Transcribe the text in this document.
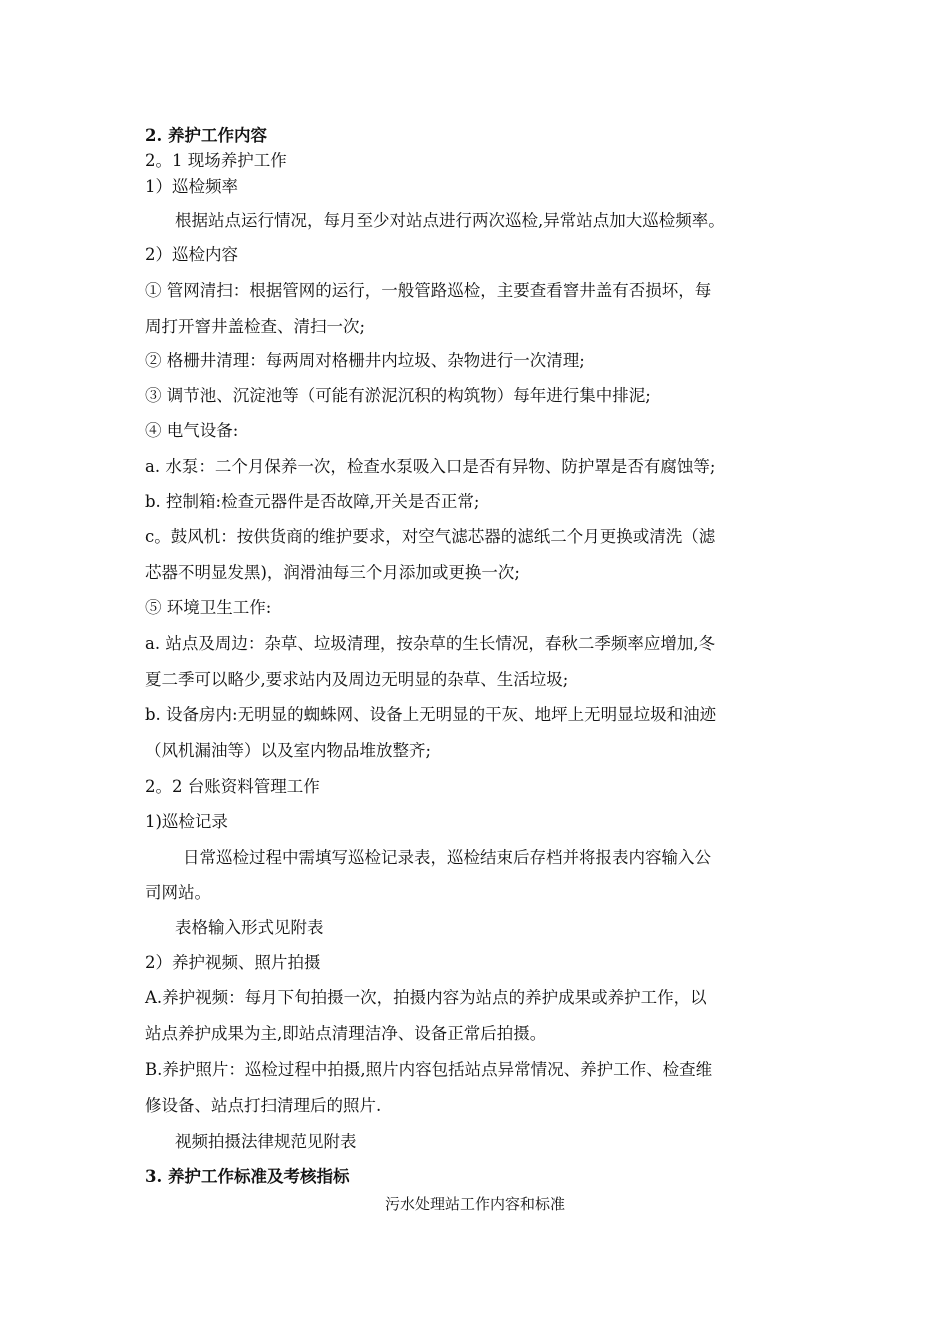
2. 养护工作内容
2。1 现场养护工作
1）巡检频率
根据站点运行情况，每月至少对站点进行两次巡检,异常站点加大巡检频率。
2）巡检内容
① 管网清扫：根据管网的运行，一般管路巡检，主要查看窨井盖有否损坏，每
周打开窨井盖检查、清扫一次;
② 格栅井清理：每两周对格栅井内垃圾、杂物进行一次清理;
③ 调节池、沉淀池等（可能有淤泥沉积的构筑物）每年进行集中排泥;
④ 电气设备:
a. 水泵：二个月保养一次，检查水泵吸入口是否有异物、防护罩是否有腐蚀等;
b. 控制箱:检查元器件是否故障,开关是否正常;
c。鼓风机：按供货商的维护要求，对空气滤芯器的滤纸二个月更换或清洗（滤
芯器不明显发黑)，润滑油每三个月添加或更换一次;
⑤ 环境卫生工作:
a. 站点及周边：杂草、垃圾清理，按杂草的生长情况，春秋二季频率应增加,冬
夏二季可以略少,要求站内及周边无明显的杂草、生活垃圾;
b. 设备房内:无明显的蜘蛛网、设备上无明显的干灰、地坪上无明显垃圾和油迹
（风机漏油等）以及室内物品堆放整齐;
2。2 台账资料管理工作
1)巡检记录
日常巡检过程中需填写巡检记录表，巡检结束后存档并将报表内容输入公
司网站。
表格输入形式见附表
2）养护视频、照片拍摄
A.养护视频：每月下旬拍摄一次，拍摄内容为站点的养护成果或养护工作，以
站点养护成果为主,即站点清理洁净、设备正常后拍摄。
B.养护照片：巡检过程中拍摄,照片内容包括站点异常情况、养护工作、检查维
修设备、站点打扫清理后的照片.
视频拍摄法律规范见附表
3. 养护工作标准及考核指标
污水处理站工作内容和标准
